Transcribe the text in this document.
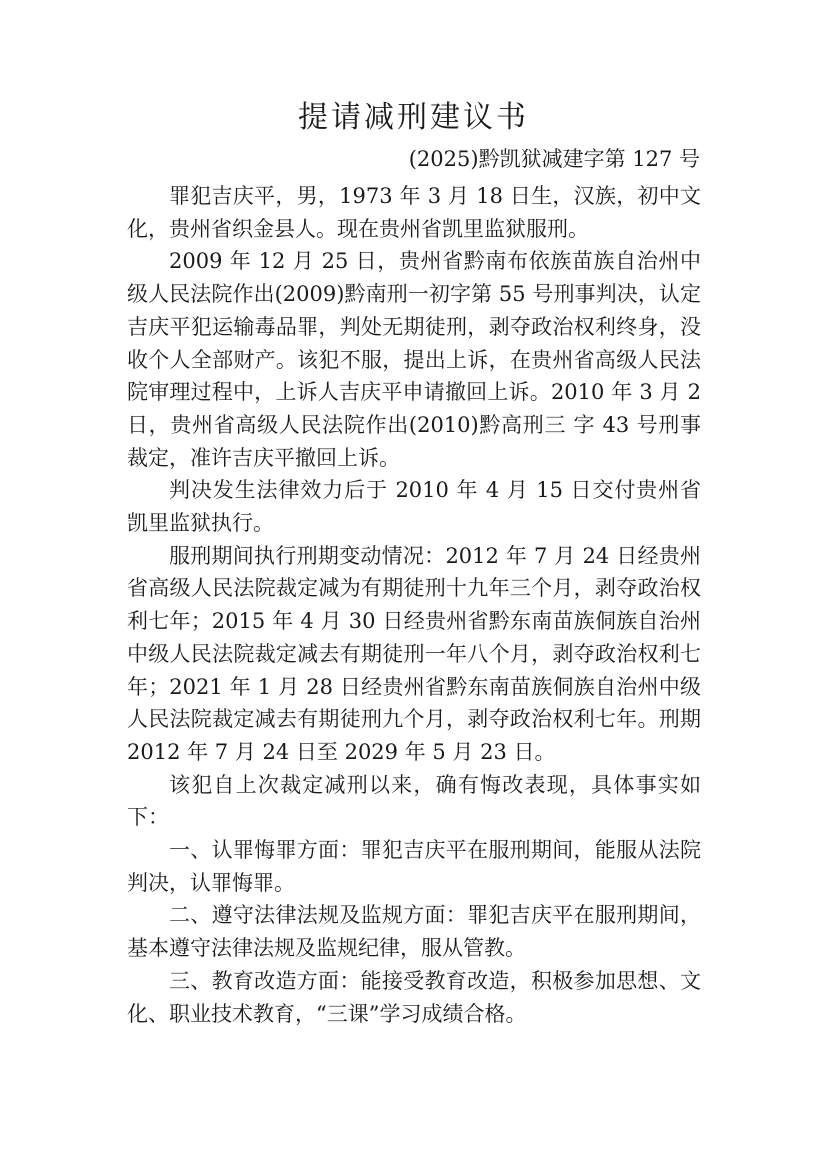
提请减刑建议书
(2025)黔凯狱减建字第 127 号

罪犯吉庆平，男，1973 年 3 月 18 日生，汉族，初中文化，贵州省织金县人。现在贵州省凯里监狱服刑。

2009 年 12 月 25 日，贵州省黔南布依族苗族自治州中级人民法院作出(2009)黔南刑一初字第 55 号刑事判决，认定吉庆平犯运输毒品罪，判处无期徒刑，剥夺政治权利终身，没收个人全部财产。该犯不服，提出上诉，在贵州省高级人民法院审理过程中，上诉人吉庆平申请撤回上诉。2010 年 3 月 2 日，贵州省高级人民法院作出(2010)黔高刑三 字 43 号刑事裁定，准许吉庆平撤回上诉。

判决发生法律效力后于 2010 年 4 月 15 日交付贵州省凯里监狱执行。

服刑期间执行刑期变动情况：2012 年 7 月 24 日经贵州省高级人民法院裁定减为有期徒刑十九年三个月，剥夺政治权利七年；2015 年 4 月 30 日经贵州省黔东南苗族侗族自治州中级人民法院裁定减去有期徒刑一年八个月，剥夺政治权利七年；2021 年 1 月 28 日经贵州省黔东南苗族侗族自治州中级人民法院裁定减去有期徒刑九个月，剥夺政治权利七年。刑期 2012 年 7 月 24 日至 2029 年 5 月 23 日。

该犯自上次裁定减刑以来，确有悔改表现，具体事实如下：

一、认罪悔罪方面：罪犯吉庆平在服刑期间，能服从法院判决，认罪悔罪。

二、遵守法律法规及监规方面：罪犯吉庆平在服刑期间，基本遵守法律法规及监规纪律，服从管教。

三、教育改造方面：能接受教育改造，积极参加思想、文化、职业技术教育，“三课”学习成绩合格。
